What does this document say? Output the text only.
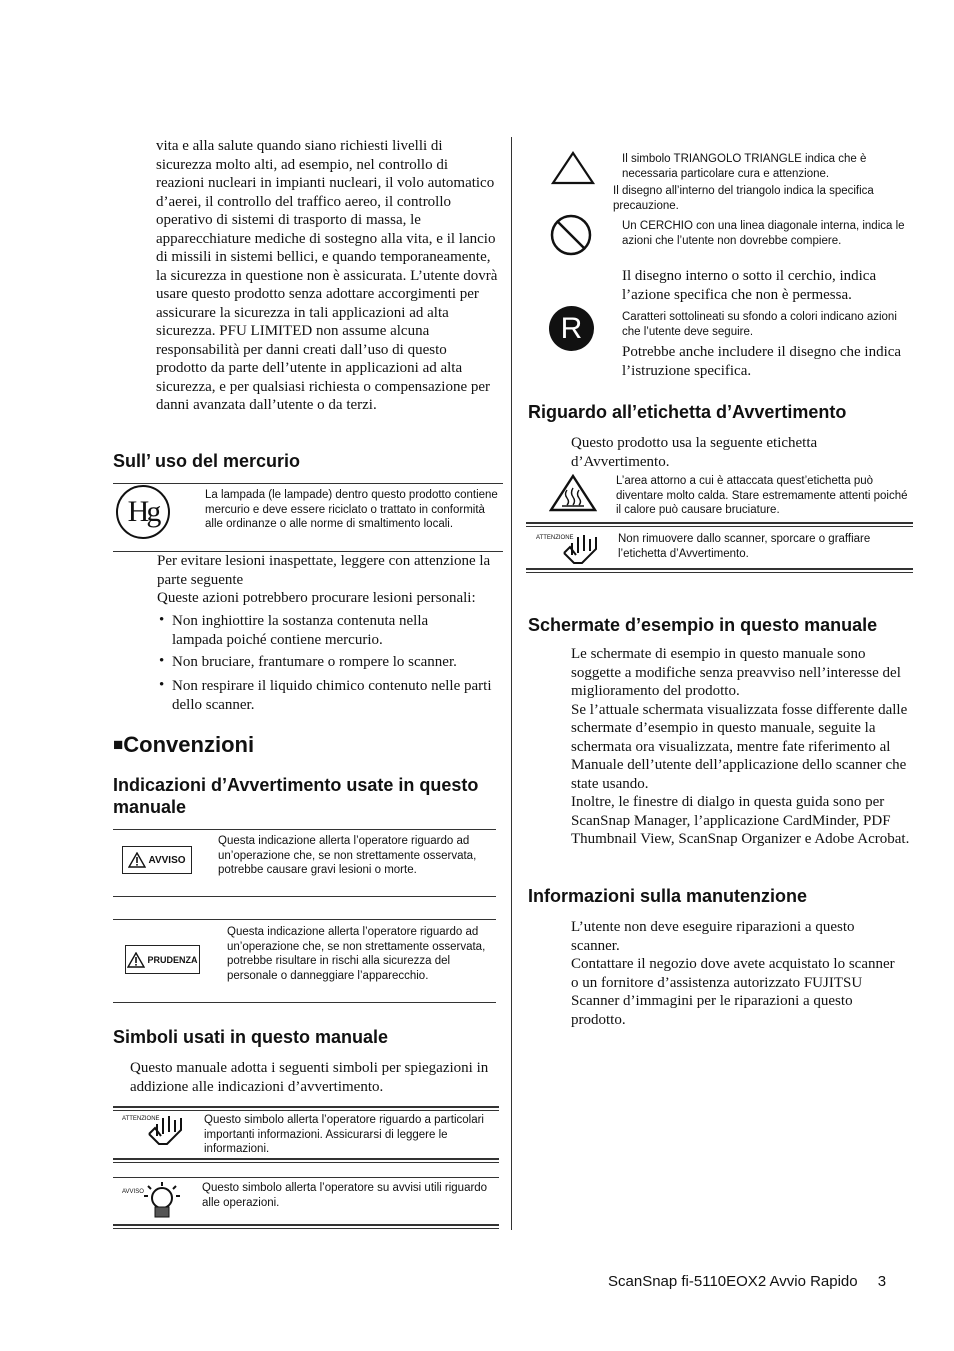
vita e alla salute quando siano richiesti livelli di sicurezza molto alti, ad esempio, nel controllo di reazioni nucleari in impianti nucleari, il volo automatico d’aerei, il controllo del traffico aereo, il controllo operativo di sistemi di trasporto di massa, le apparecchiature mediche di sostegno alla vita, e il lancio di missili in sistemi bellici, e quando temporaneamente, la sicurezza in questione non è assicurata. L’utente dovrà usare questo prodotto senza adottare accorgimenti per assicurare la sicurezza in tali applicazioni ad alta sicurezza. PFU LIMITED non assume alcuna responsabilità per danni creati dall’uso di questo prodotto da parte dell’utente in applicazioni ad alta sicurezza, e per qualsiasi richiesta o compensazione per danni avanzata dall’utente o da terzi.
Sull’ uso del mercurio
Hg	La lampada (le lampade) dentro questo prodotto contiene mercurio e deve essere riciclato o trattato in conformità alle ordinanze o alle norme di smaltimento locali.
Per evitare lesioni inaspettate, leggere con attenzione la parte seguente
Queste azioni potrebbero procurare lesioni personali:
• Non inghiottire la sostanza contenuta nella lampada poiché contiene mercurio.
• Non bruciare, frantumare o rompere lo scanner.
• Non respirare il liquido chimico contenuto nelle parti dello scanner.
■Convenzioni
Indicazioni d’Avvertimento usate in questo manuale
AVVISO
Questa indicazione allerta l’operatore riguardo ad un’operazione che, se non strettamente osservata, potrebbe causare gravi lesioni o morte.
PRUDENZA
Questa indicazione allerta l’operatore riguardo ad un’operazione che, se non strettamente osservata, potrebbe risultare in rischi alla sicurezza del personale o danneggiare l’apparecchio.
Simboli usati in questo manuale
Questo manuale adotta i seguenti simboli per spiegazioni in addizione alle indicazioni d’avvertimento.
ATTENZIONE	Questo simbolo allerta l’operatore riguardo a particolari importanti informazioni. Assicurarsi di leggere le informazioni.
AVVISO	Questo simbolo allerta l’operatore su avvisi utili riguardo alle operazioni.
Il simbolo TRIANGOLO TRIANGLE indica che è necessaria particolare cura e attenzione.
Il disegno all’interno del triangolo indica la specifica precauzione.
Un CERCHIO con una linea diagonale interna, indica le azioni che l’utente non dovrebbe compiere.
Il disegno interno o sotto il cerchio, indica l’azione specifica che non è permessa.
R	Caratteri sottolineati su sfondo a colori indicano azioni che l’utente deve seguire.
Potrebbe anche includere il disegno che indica l’istruzione specifica.
Riguardo all’etichetta d’Avvertimento
Questo prodotto usa la seguente etichetta d’Avvertimento.
L’area attorno a cui è attaccata quest’etichetta può diventare molto calda. Stare estremamente attenti poiché il calore può causare bruciature.
ATTENZIONE	Non rimuovere dallo scanner, sporcare o graffiare l’etichetta d’Avvertimento.
Schermate d’esempio in questo manuale
Le schermate di esempio in questo manuale sono soggette a modifiche senza preavviso nell’interesse del miglioramento del prodotto.
Se l’attuale schermata visualizzata fosse differente dalle schermate d’esempio in questo manuale, seguite la schermata ora visualizzata, mentre fate riferimento al Manuale dell’utente dell’applicazione dello scanner che state usando.
Inoltre, le finestre di dialgo in questa guida sono per ScanSnap Manager, l’applicazione CardMinder, PDF Thumbnail View, ScanSnap Organizer e Adobe Acrobat.
Informazioni sulla manutenzione
L’utente non deve eseguire riparazioni a questo scanner.
Contattare il negozio dove avete acquistato lo scanner o un fornitore d’assistenza autorizzato FUJITSU Scanner d’immagini per le riparazioni a questo prodotto.
ScanSnap fi-5110EOX2 Avvio Rapido 3
